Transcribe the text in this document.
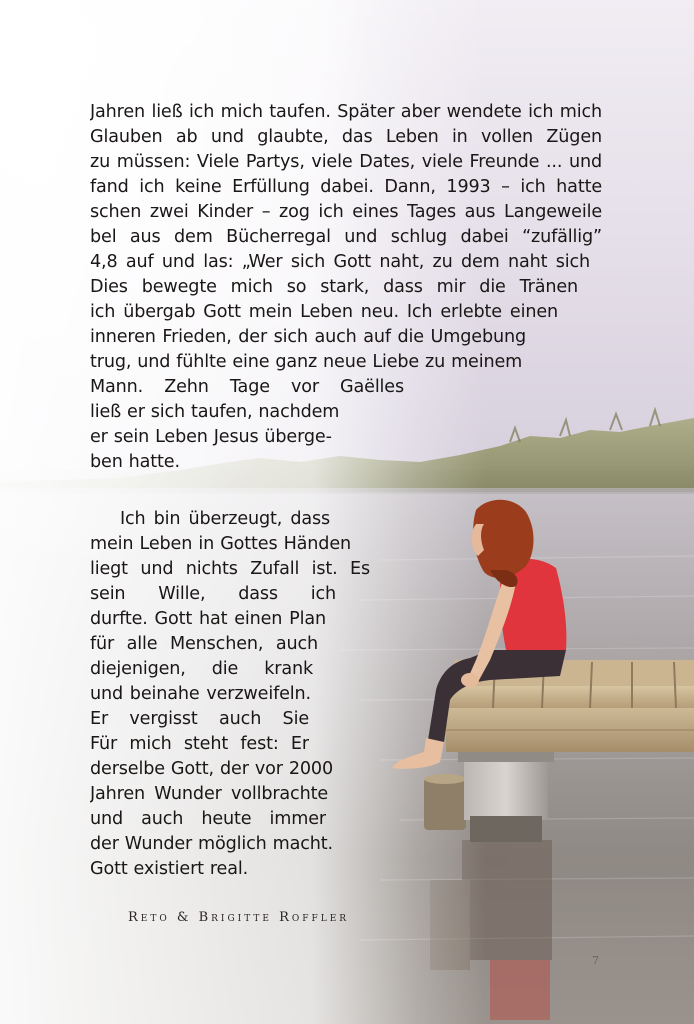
Jahren ließ ich mich taufen. Später aber wendete ich mich
Glauben ab und glaubte, das Leben in vollen Zügen
zu müssen: Viele Partys, viele Dates, viele Freunde ... und
fand ich keine Erfüllung dabei. Dann, 1993 – ich hatte
schen zwei Kinder – zog ich eines Tages aus Langeweile
bel aus dem Bücherregal und schlug dabei “zufällig”
4,8 auf und las: „Wer sich Gott naht, zu dem naht sich
Dies bewegte mich so stark, dass mir die Tränen
ich übergab Gott mein Leben neu. Ich erlebte einen
inneren Frieden, der sich auch auf die Umgebung
trug, und fühlte eine ganz neue Liebe zu meinem
Mann. Zehn Tage vor Gaëlles
ließ er sich taufen, nachdem
er sein Leben Jesus überge-
ben hatte.
Ich bin überzeugt, dass
mein Leben in Gottes Händen
liegt und nichts Zufall ist. Es
sein Wille, dass ich
durfte. Gott hat einen Plan
für alle Menschen, auch
diejenigen, die krank
und beinahe verzweifeln.
Er vergisst auch Sie
Für mich steht fest: Er
derselbe Gott, der vor 2000
Jahren Wunder vollbrachte
und auch heute immer
der Wunder möglich macht.
Gott existiert real.
Reto & Brigitte Roffler
7
